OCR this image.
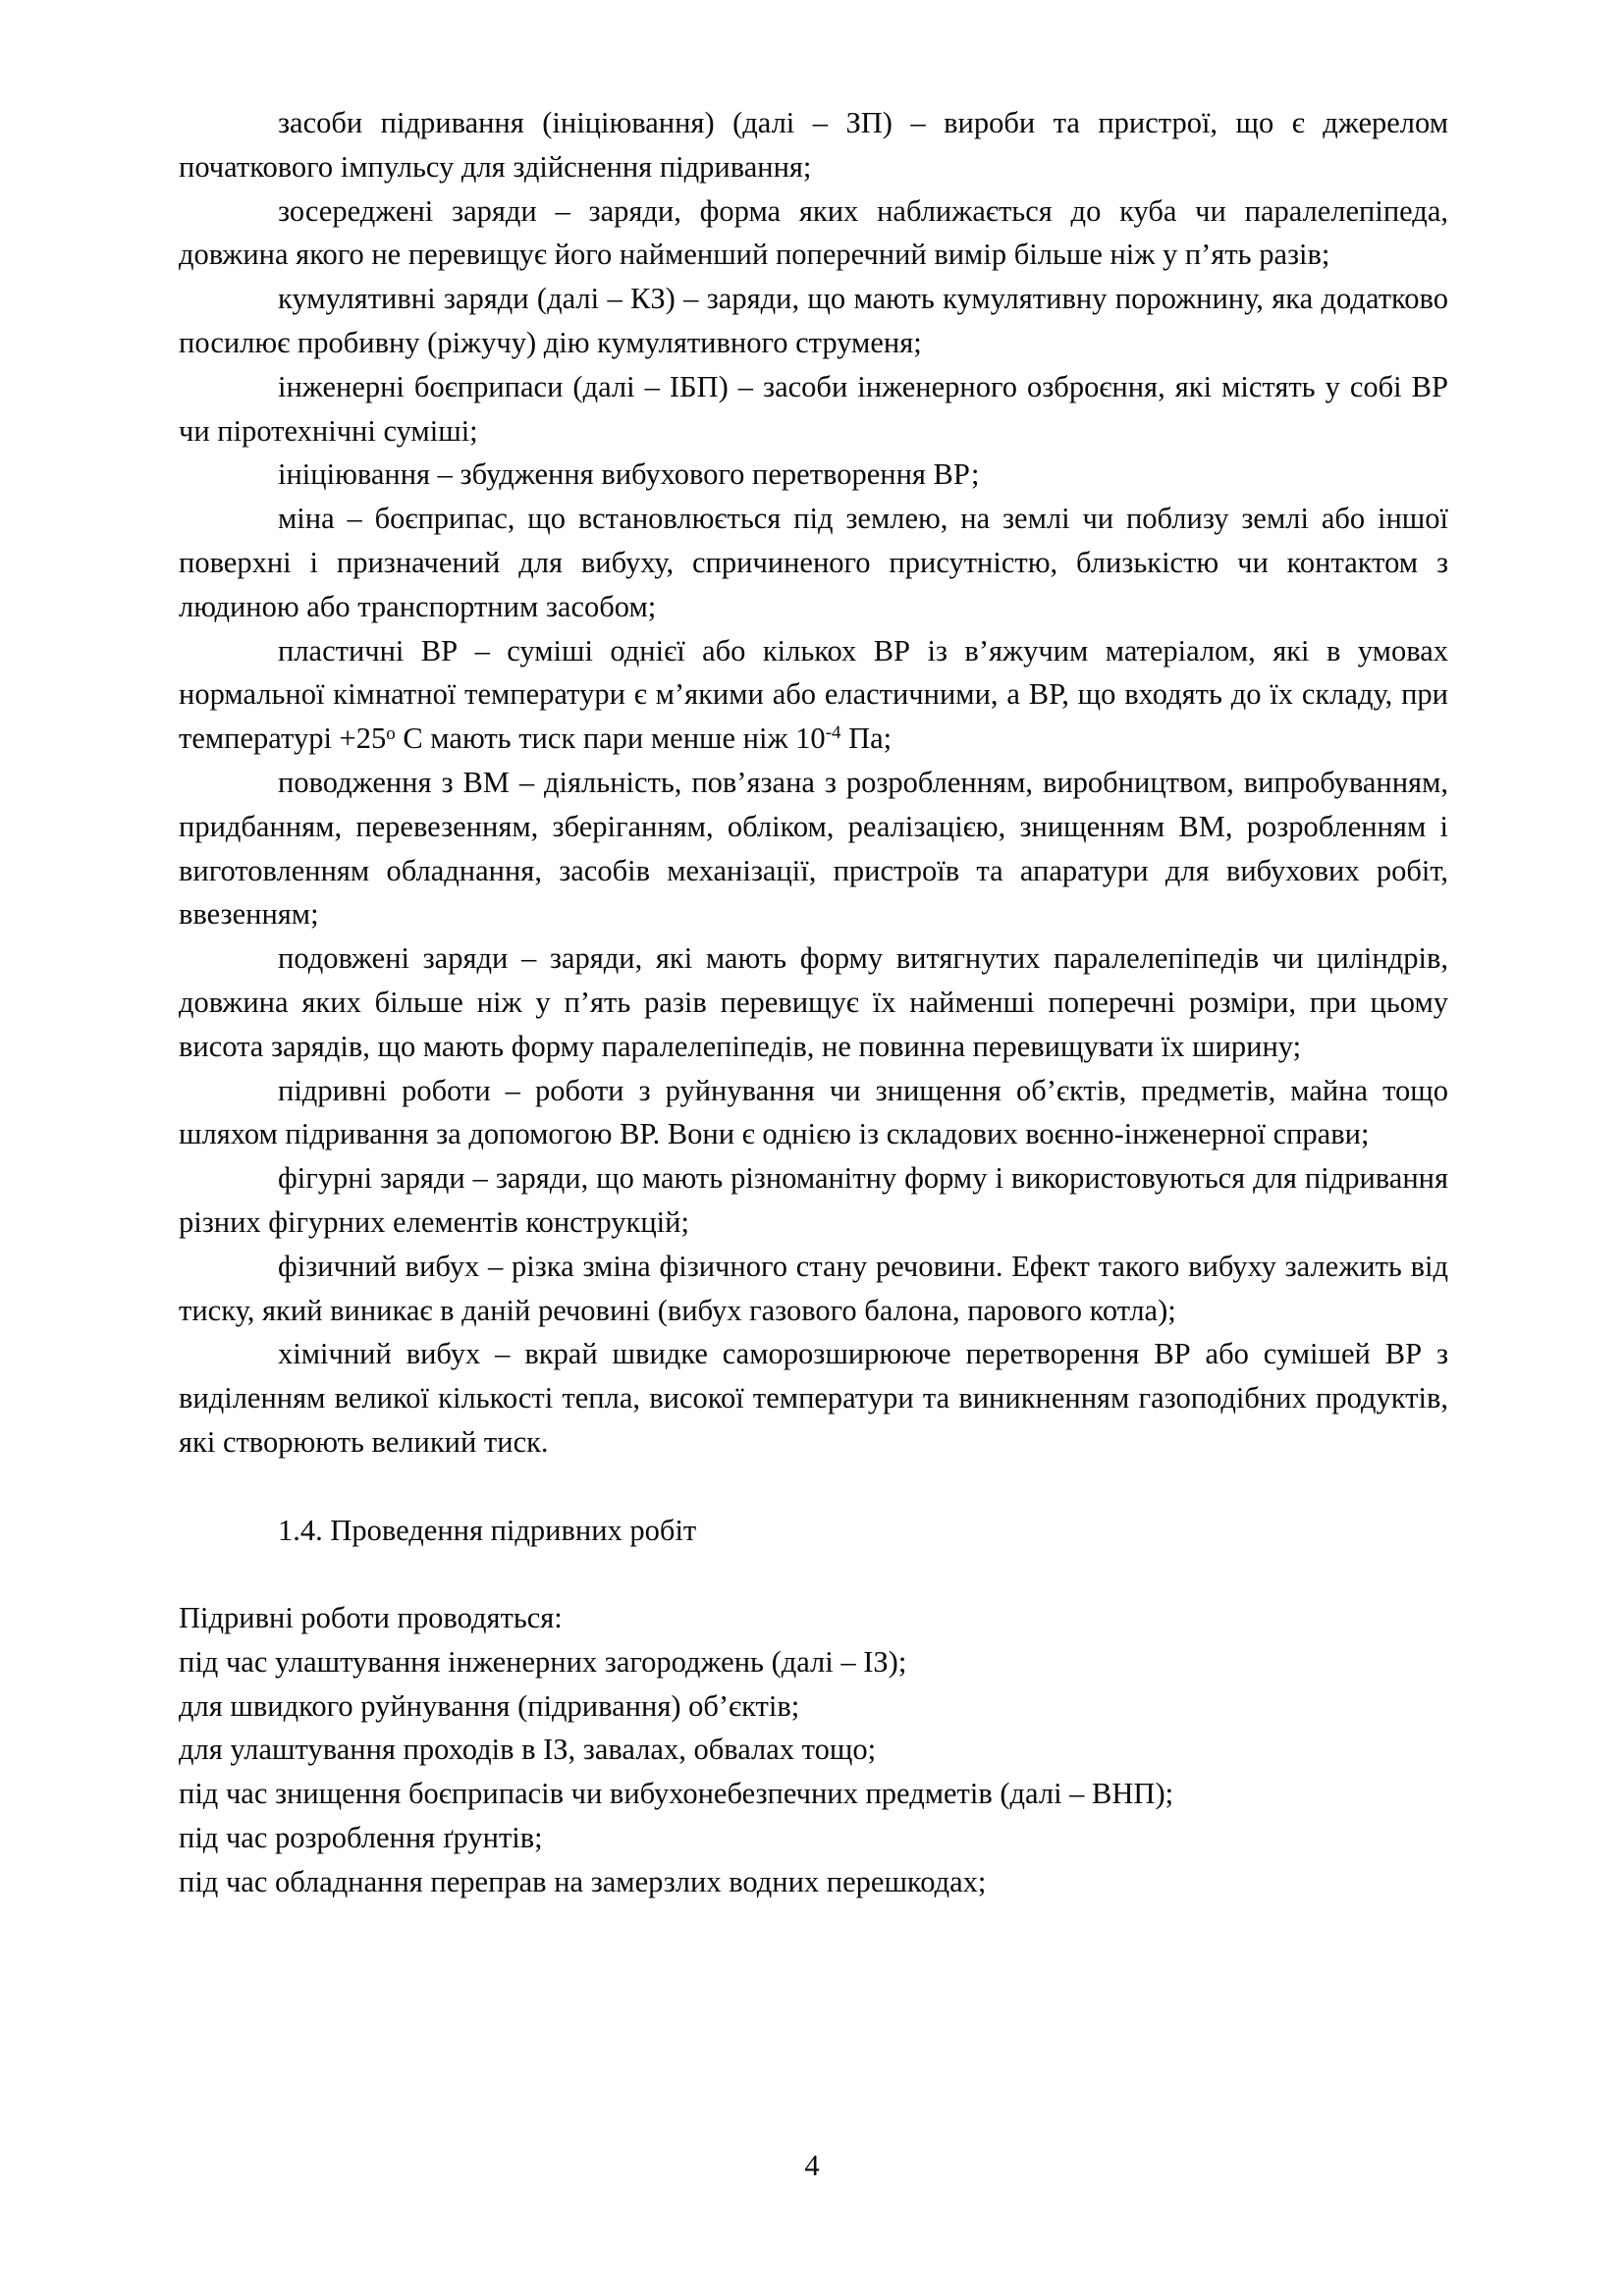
засоби підривання (ініціювання) (далі – ЗП) – вироби та пристрої, що є джерелом початкового імпульсу для здійснення підривання;

зосереджені заряди – заряди, форма яких наближається до куба чи паралелепіпеда, довжина якого не перевищує його найменший поперечний вимір більше ніж у п’ять разів;

кумулятивні заряди (далі – КЗ) – заряди, що мають кумулятивну порожнину, яка додатково посилює пробивну (ріжучу) дію кумулятивного струменя;

інженерні боєприпаси (далі – ІБП) – засоби інженерного озброєння, які містять у собі ВР чи піротехнічні суміші;

ініціювання – збудження вибухового перетворення ВР;

міна – боєприпас, що встановлюється під землею, на землі чи поблизу землі або іншої поверхні і призначений для вибуху, спричиненого присутністю, близькістю чи контактом з людиною або транспортним засобом;

пластичні ВР – суміші однієї або кількох ВР із в’яжучим матеріалом, які в умовах нормальної кімнатної температури є м’якими або еластичними, а ВР, що входять до їх складу, при температурі $+25^o$ С мають тиск пари менше ніж $10^{-4}$ Па;

поводження з ВМ – діяльність, пов’язана з розробленням, виробництвом, випробуванням, придбанням, перевезенням, зберіганням, обліком, реалізацією, знищенням ВМ, розробленням і виготовленням обладнання, засобів механізації, пристроїв та апаратури для вибухових робіт, ввезенням;

подовжені заряди – заряди, які мають форму витягнутих паралелепіпедів чи циліндрів, довжина яких більше ніж у п’ять разів перевищує їх найменші поперечні розміри, при цьому висота зарядів, що мають форму паралелепіпедів, не повинна перевищувати їх ширину;

підривні роботи – роботи з руйнування чи знищення об’єктів, предметів, майна тощо шляхом підривання за допомогою ВР. Вони є однією із складових воєнно-інженерної справи;

фігурні заряди – заряди, що мають різноманітну форму і використовуються для підривання різних фігурних елементів конструкцій;

фізичний вибух – різка зміна фізичного стану речовини. Ефект такого вибуху залежить від тиску, який виникає в даній речовині (вибух газового балона, парового котла);

хімічний вибух – вкрай швидке саморозширююче перетворення ВР або сумішей ВР з виділенням великої кількості тепла, високої температури та виникненням газоподібних продуктів, які створюють великий тиск.

1.4. Проведення підривних робіт

Підривні роботи проводяться:

під час улаштування інженерних загороджень (далі – ІЗ);

для швидкого руйнування (підривання) об’єктів;

для улаштування проходів в ІЗ, завалах, обвалах тощо;

під час знищення боєприпасів чи вибухонебезпечних предметів (далі – ВНП);

під час розроблення ґрунтів;

під час обладнання переправ на замерзлих водних перешкодах;

4
